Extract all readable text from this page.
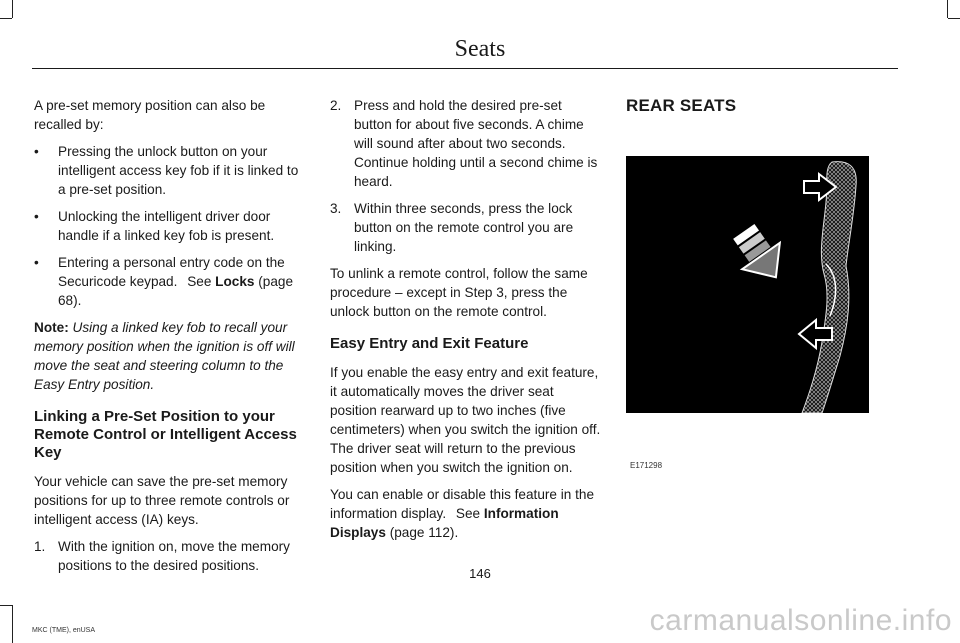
Seats

A pre-set memory position can also be recalled by:

• Pressing the unlock button on your intelligent access key fob if it is linked to a pre-set position.
• Unlocking the intelligent driver door handle if a linked key fob is present.
• Entering a personal entry code on the Securicode keypad. See Locks (page 68).

Note: Using a linked key fob to recall your memory position when the ignition is off will move the seat and steering column to the Easy Entry position.

Linking a Pre-Set Position to your Remote Control or Intelligent Access Key

Your vehicle can save the pre-set memory positions for up to three remote controls or intelligent access (IA) keys.

1. With the ignition on, move the memory positions to the desired positions.
2. Press and hold the desired pre-set button for about five seconds. A chime will sound after about two seconds. Continue holding until a second chime is heard.
3. Within three seconds, press the lock button on the remote control you are linking.

To unlink a remote control, follow the same procedure – except in Step 3, press the unlock button on the remote control.

Easy Entry and Exit Feature

If you enable the easy entry and exit feature, it automatically moves the driver seat position rearward up to two inches (five centimeters) when you switch the ignition off. The driver seat will return to the previous position when you switch the ignition on.

You can enable or disable this feature in the information display. See Information Displays (page 112).

REAR SEATS
E171298
146
MKC (TME), enUSA	carmanualsonline.info
